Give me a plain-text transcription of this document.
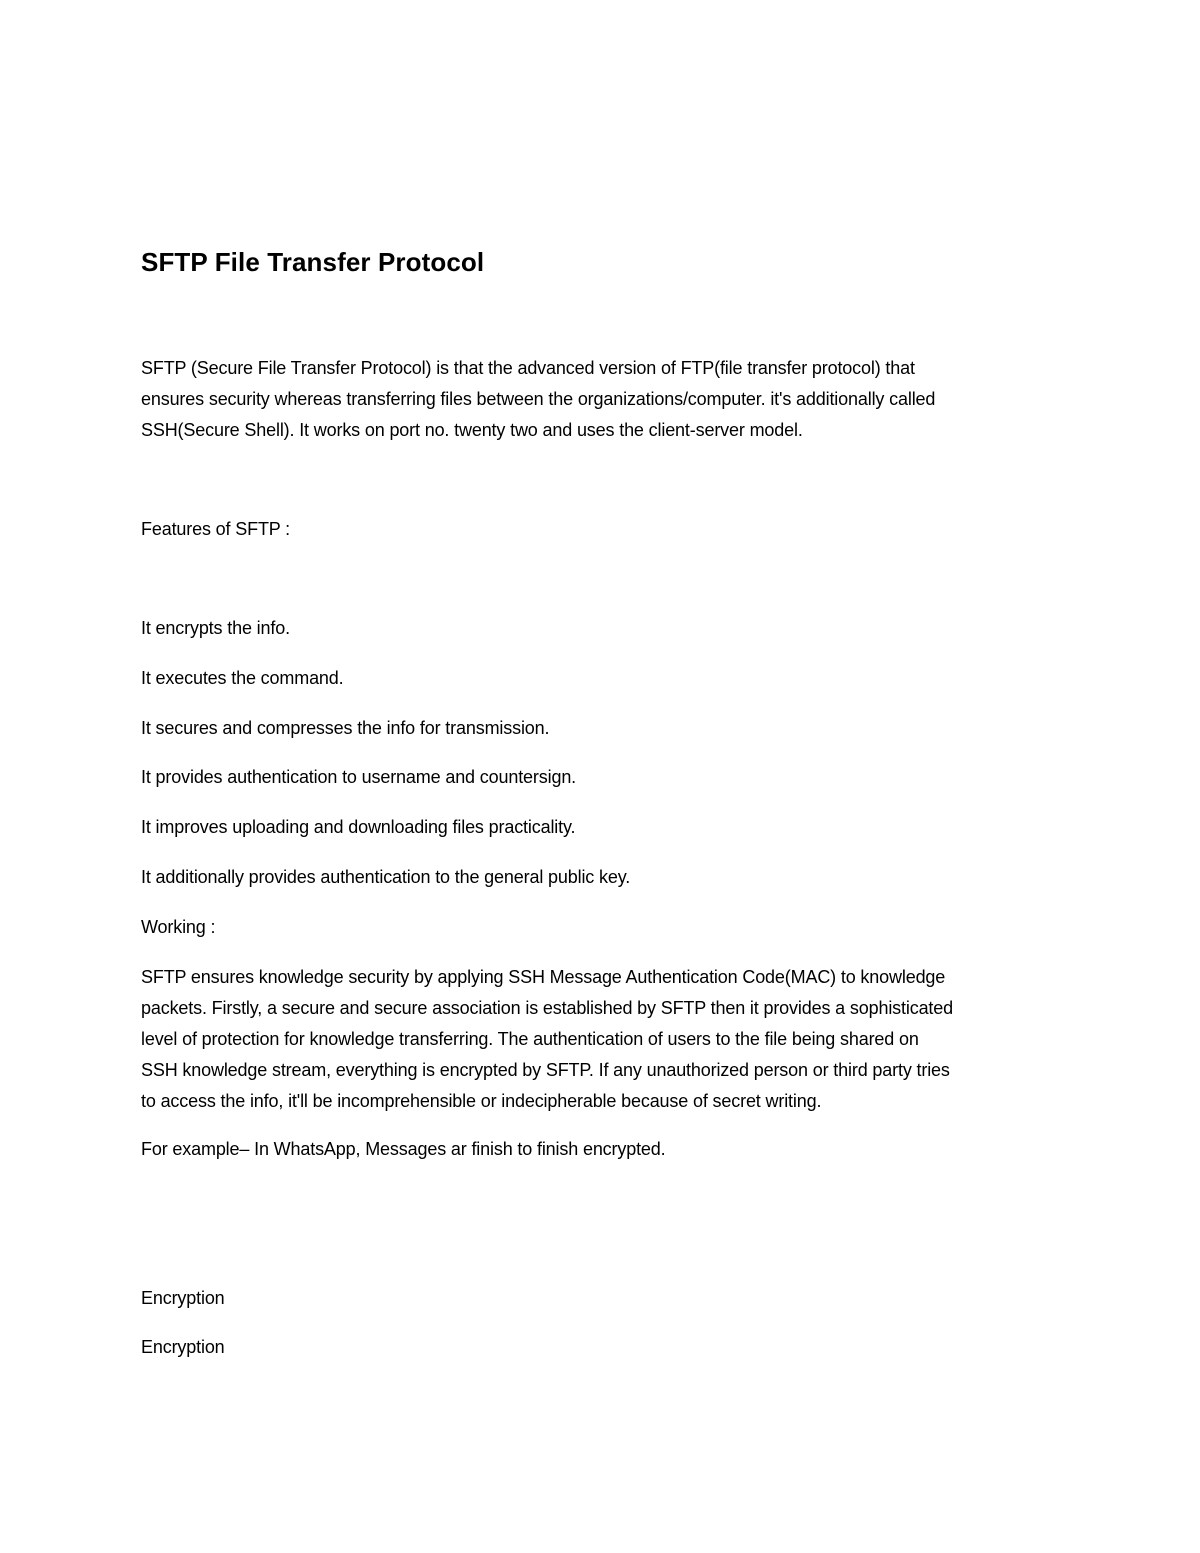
SFTP File Transfer Protocol

SFTP (Secure File Transfer Protocol) is that the advanced version of FTP(file transfer protocol) that
ensures security whereas transferring files between the organizations/computer. it's additionally called
SSH(Secure Shell). It works on port no. twenty two and uses the client-server model.

Features of SFTP :

It encrypts the info.

It executes the command.

It secures and compresses the info for transmission.

It provides authentication to username and countersign.

It improves uploading and downloading files practicality.

It additionally provides authentication to the general public key.

Working :

SFTP ensures knowledge security by applying SSH Message Authentication Code(MAC) to knowledge
packets. Firstly, a secure and secure association is established by SFTP then it provides a sophisticated
level of protection for knowledge transferring. The authentication of users to the file being shared on
SSH knowledge stream, everything is encrypted by SFTP. If any unauthorized person or third party tries
to access the info, it'll be incomprehensible or indecipherable because of secret writing.

For example– In WhatsApp, Messages ar finish to finish encrypted.

Encryption

Encryption
